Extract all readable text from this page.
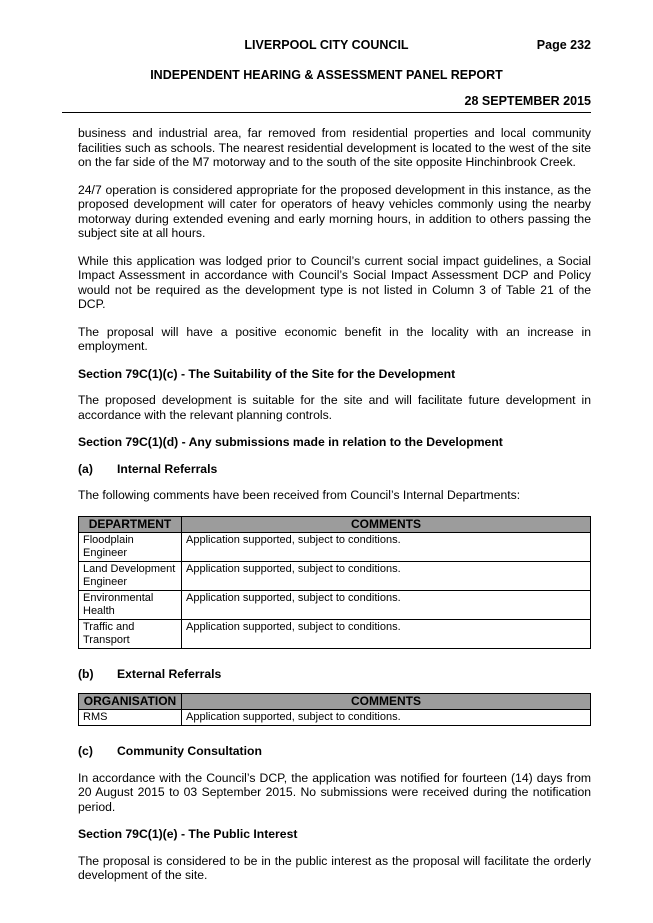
LIVERPOOL CITY COUNCIL	Page 232
INDEPENDENT HEARING & ASSESSMENT PANEL REPORT
28 SEPTEMBER 2015

business and industrial area, far removed from residential properties and local community facilities such as schools. The nearest residential development is located to the west of the site on the far side of the M7 motorway and to the south of the site opposite Hinchinbrook Creek.

24/7 operation is considered appropriate for the proposed development in this instance, as the proposed development will cater for operators of heavy vehicles commonly using the nearby motorway during extended evening and early morning hours, in addition to others passing the subject site at all hours.

While this application was lodged prior to Council’s current social impact guidelines, a Social Impact Assessment in accordance with Council’s Social Impact Assessment DCP and Policy would not be required as the development type is not listed in Column 3 of Table 21 of the DCP.

The proposal will have a positive economic benefit in the locality with an increase in employment.

Section 79C(1)(c) - The Suitability of the Site for the Development

The proposed development is suitable for the site and will facilitate future development in accordance with the relevant planning controls.

Section 79C(1)(d) - Any submissions made in relation to the Development
(a)	Internal Referrals

The following comments have been received from Council’s Internal Departments:

DEPARTMENT	COMMENTS
Floodplain Engineer	Application supported, subject to conditions.
Land Development Engineer	Application supported, subject to conditions.
Environmental Health	Application supported, subject to conditions.
Traffic and Transport	Application supported, subject to conditions.
(b)	External Referrals
ORGANISATION	COMMENTS
RMS	Application supported, subject to conditions.
(c)	Community Consultation

In accordance with the Council’s DCP, the application was notified for fourteen (14) days from 20 August 2015 to 03 September 2015. No submissions were received during the notification period.

Section 79C(1)(e) - The Public Interest

The proposal is considered to be in the public interest as the proposal will facilitate the orderly development of the site.
